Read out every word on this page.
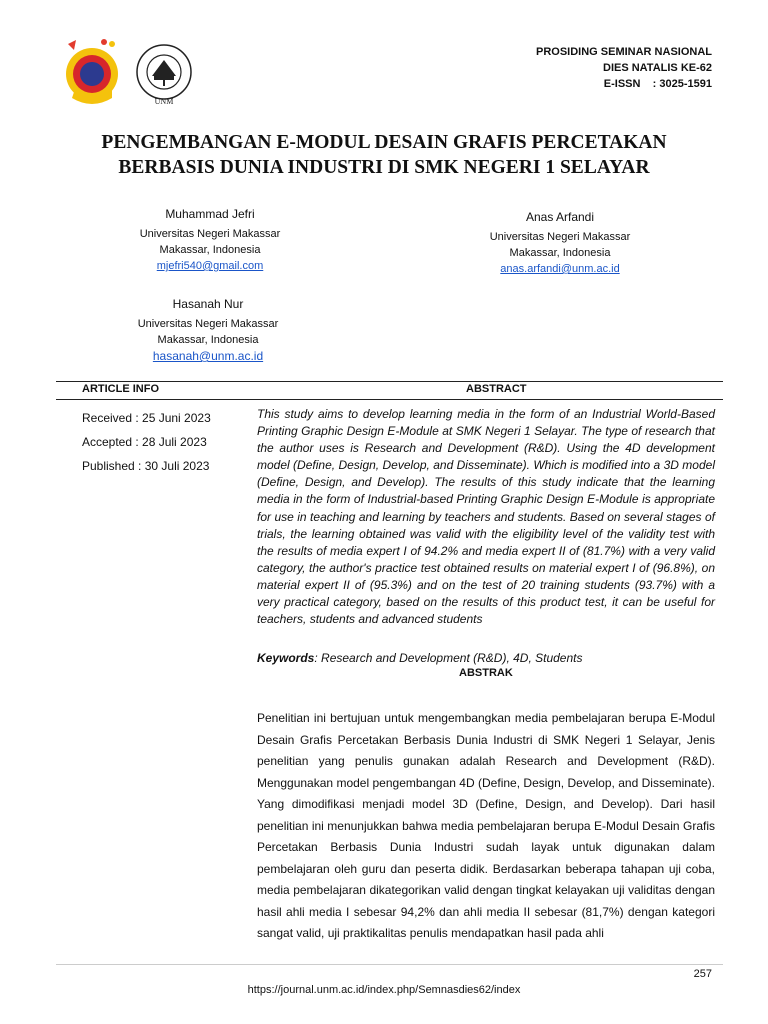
UNM
PROSIDING SEMINAR NASIONAL
DIES NATALIS KE-62
E-ISSN    : 3025-1591
PENGEMBANGAN E-MODUL DESAIN GRAFIS PERCETAKAN
BERBASIS DUNIA INDUSTRI DI SMK NEGERI 1 SELAYAR
Muhammad Jefri
Universitas Negeri Makassar
Makassar, Indonesia
mjefri540@gmail.com
Anas Arfandi
Universitas Negeri Makassar
Makassar, Indonesia
anas.arfandi@unm.ac.id
Hasanah Nur
Universitas Negeri Makassar
Makassar, Indonesia
hasanah@unm.ac.id
ARTICLE INFO	ABSTRACT
Received : 25 Juni 2023
Accepted : 28 Juli 2023
Published : 30 Juli 2023
This study aims to develop learning media in the form of an Industrial World-Based Printing Graphic Design E-Module at SMK Negeri 1 Selayar. The type of research that the author uses is Research and Development (R&D). Using the 4D development model (Define, Design, Develop, and Disseminate). Which is modified into a 3D model (Define, Design, and Develop). The results of this study indicate that the learning media in the form of Industrial-based Printing Graphic Design E-Module is appropriate for use in teaching and learning by teachers and students. Based on several stages of trials, the learning obtained was valid with the eligibility level of the validity test with the results of media expert I of 94.2% and media expert II of (81.7%) with a very valid category, the author's practice test obtained results on material expert I of (96.8%), on material expert II of (95.3%) and on the test of 20 training students (93.7%) with a very practical category, based on the results of this product test, it can be useful for teachers, students and advanced students
Keywords: Research and Development (R&D), 4D, Students
ABSTRAK
Penelitian ini bertujuan untuk mengembangkan media pembelajaran berupa E-Modul Desain Grafis Percetakan Berbasis Dunia Industri di SMK Negeri 1 Selayar, Jenis penelitian yang penulis gunakan adalah Research and Development (R&D). Menggunakan model pengembangan 4D (Define, Design, Develop, and Disseminate). Yang dimodifikasi menjadi model 3D (Define, Design, and Develop). Dari hasil penelitian ini menunjukkan bahwa media pembelajaran berupa E-Modul Desain Grafis Percetakan Berbasis Dunia Industri sudah layak untuk digunakan dalam pembelajaran oleh guru dan peserta didik. Berdasarkan beberapa tahapan uji coba, media pembelajaran dikategorikan valid dengan tingkat kelayakan uji validitas dengan hasil ahli media I sebesar 94,2% dan ahli media II sebesar (81,7%) dengan kategori sangat valid, uji praktikalitas penulis mendapatkan hasil pada ahli
257
https://journal.unm.ac.id/index.php/Semnasdies62/index
